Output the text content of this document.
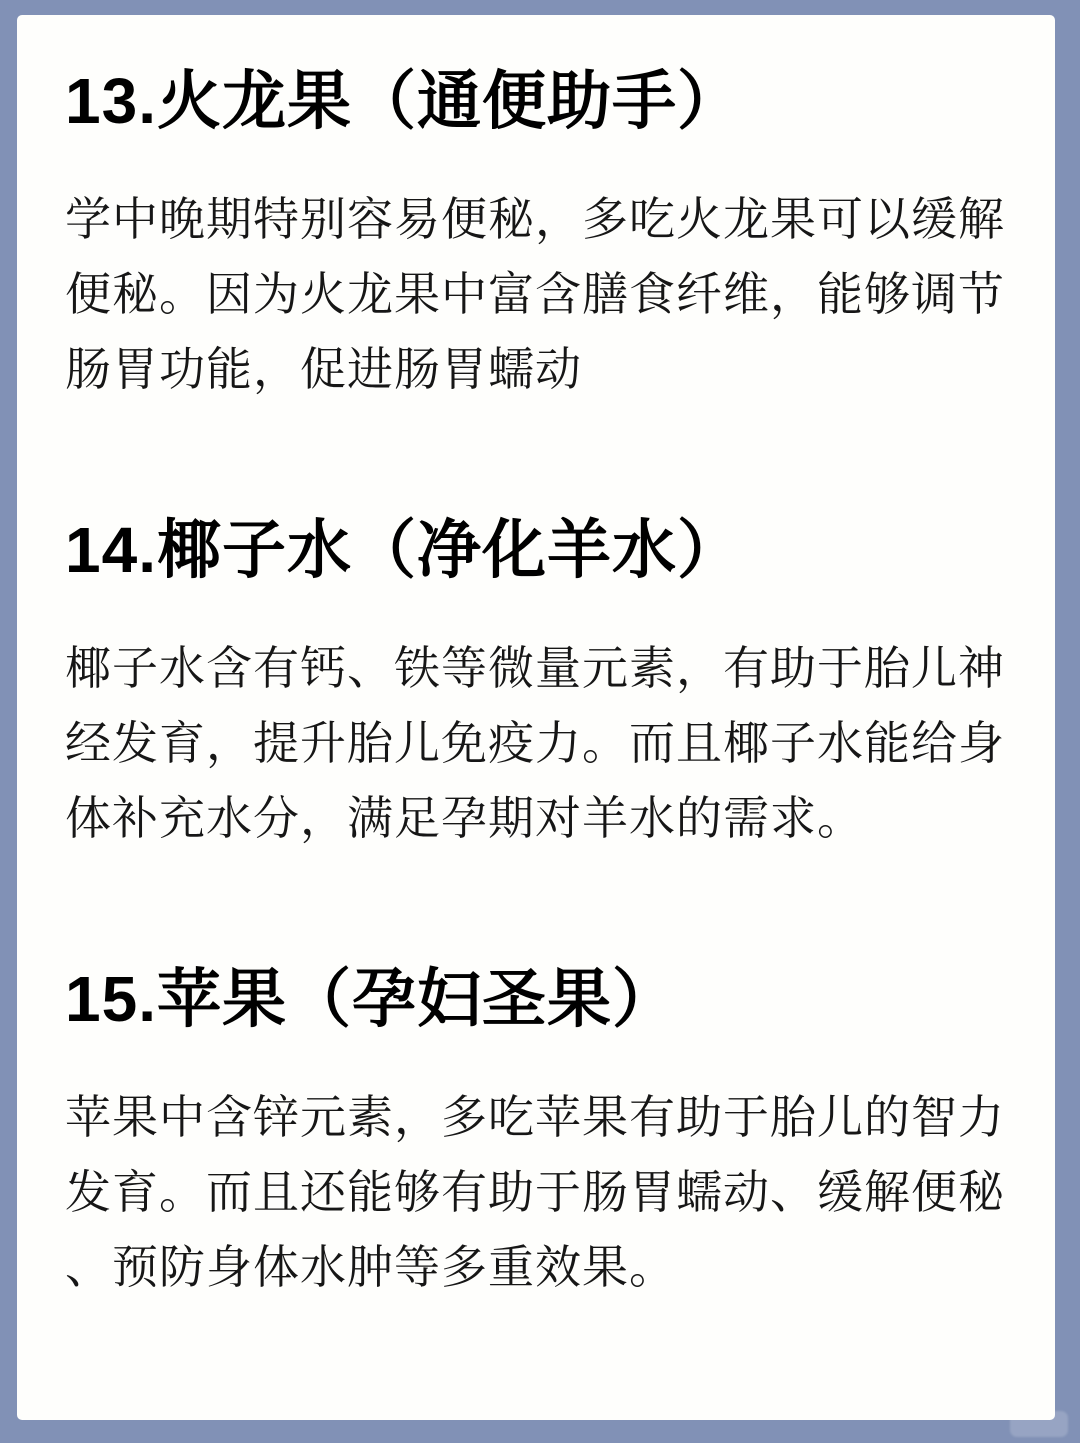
13.火龙果（通便助手）

学中晚期特别容易便秘，多吃火龙果可以缓解便秘。因为火龙果中富含膳食纤维，能够调节肠胃功能，促进肠胃蠕动

14.椰子水（净化羊水）

椰子水含有钙、铁等微量元素，有助于胎儿神经发育，提升胎儿免疫力。而且椰子水能给身体补充水分，满足孕期对羊水的需求。

15.苹果（孕妇圣果）

苹果中含锌元素，多吃苹果有助于胎儿的智力发育。而且还能够有助于肠胃蠕动、缓解便秘、预防身体水肿等多重效果。
